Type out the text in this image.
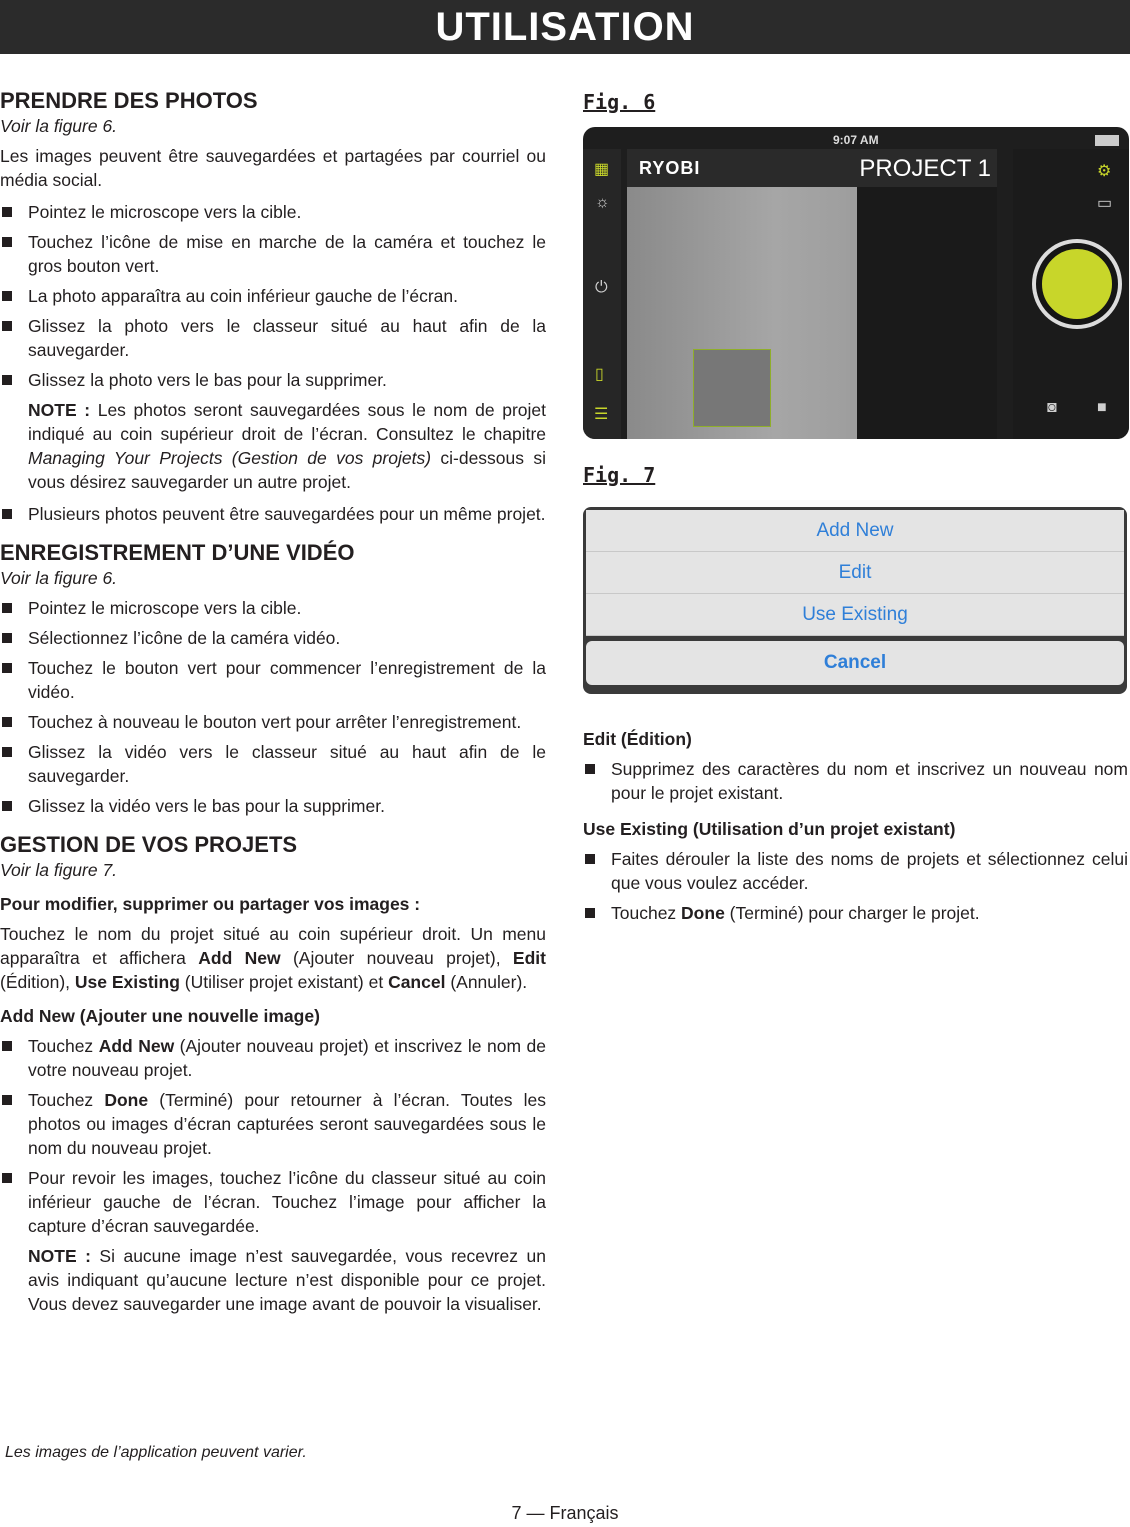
UTILISATION
PRENDRE DES PHOTOS
Voir la figure 6.

Les images peuvent être sauvegardées et partagées par courriel ou média social.

Pointez le microscope vers la cible.
Touchez l’icône de mise en marche de la caméra et touchez le gros bouton vert.
La photo apparaîtra au coin inférieur gauche de l’écran.
Glissez la photo vers le classeur situé au haut afin de la sauvegarder.
Glissez la photo vers le bas pour la supprimer.
NOTE : Les photos seront sauvegardées sous le nom de projet indiqué au coin supérieur droit de l’écran. Consultez le chapitre Managing Your Projects (Gestion de vos projets) ci-dessous si vous désirez sauvegarder un autre projet.
Plusieurs photos peuvent être sauvegardées pour un même projet.
ENREGISTREMENT D’UNE VIDÉO
Voir la figure 6.
Pointez le microscope vers la cible.
Sélectionnez l’icône de la caméra vidéo.
Touchez le bouton vert pour commencer l’enregistrement de la vidéo.
Touchez à nouveau le bouton vert pour arrêter l’enregistrement.
Glissez la vidéo vers le classeur situé au haut afin de le sauvegarder.
Glissez la vidéo vers le bas pour la supprimer.
GESTION DE VOS PROJETS
Voir la figure 7.
Pour modifier, supprimer ou partager vos images :

Touchez le nom du projet situé au coin supérieur droit. Un menu apparaîtra et affichera Add New (Ajouter nouveau projet), Edit (Édition), Use Existing (Utiliser projet existant) et Cancel (Annuler).

Add New (Ajouter une nouvelle image)
Touchez Add New (Ajouter nouveau projet) et inscrivez le nom de votre nouveau projet.
Touchez Done (Terminé) pour retourner à l’écran. Toutes les photos ou images d’écran capturées seront sauvegardées sous le nom du nouveau projet.
Pour revoir les images, touchez l’icône du classeur situé au coin inférieur gauche de l’écran. Touchez l’image pour afficher la capture d’écran sauvegardée.
NOTE : Si aucune image n’est sauvegardée, vous recevrez un avis indiquant qu’aucune lecture n’est disponible pour ce projet. Vous devez sauvegarder une image avant de pouvoir la visualiser.
Les images de l’application peuvent varier.
Fig. 6
9:07 AM
▦
☼
⏻
▯
☰
RYOBI	PROJECT 1	⚙
▭
◙	■
Fig. 7
Add New
Edit
Use Existing
Cancel
Edit (Édition)
Supprimez des caractères du nom et inscrivez un nouveau nom pour le projet existant.
Use Existing (Utilisation d’un projet existant)
Faites dérouler la liste des noms de projets et sélectionnez celui que vous voulez accéder.
Touchez Done (Terminé) pour charger le projet.
7 — Français
